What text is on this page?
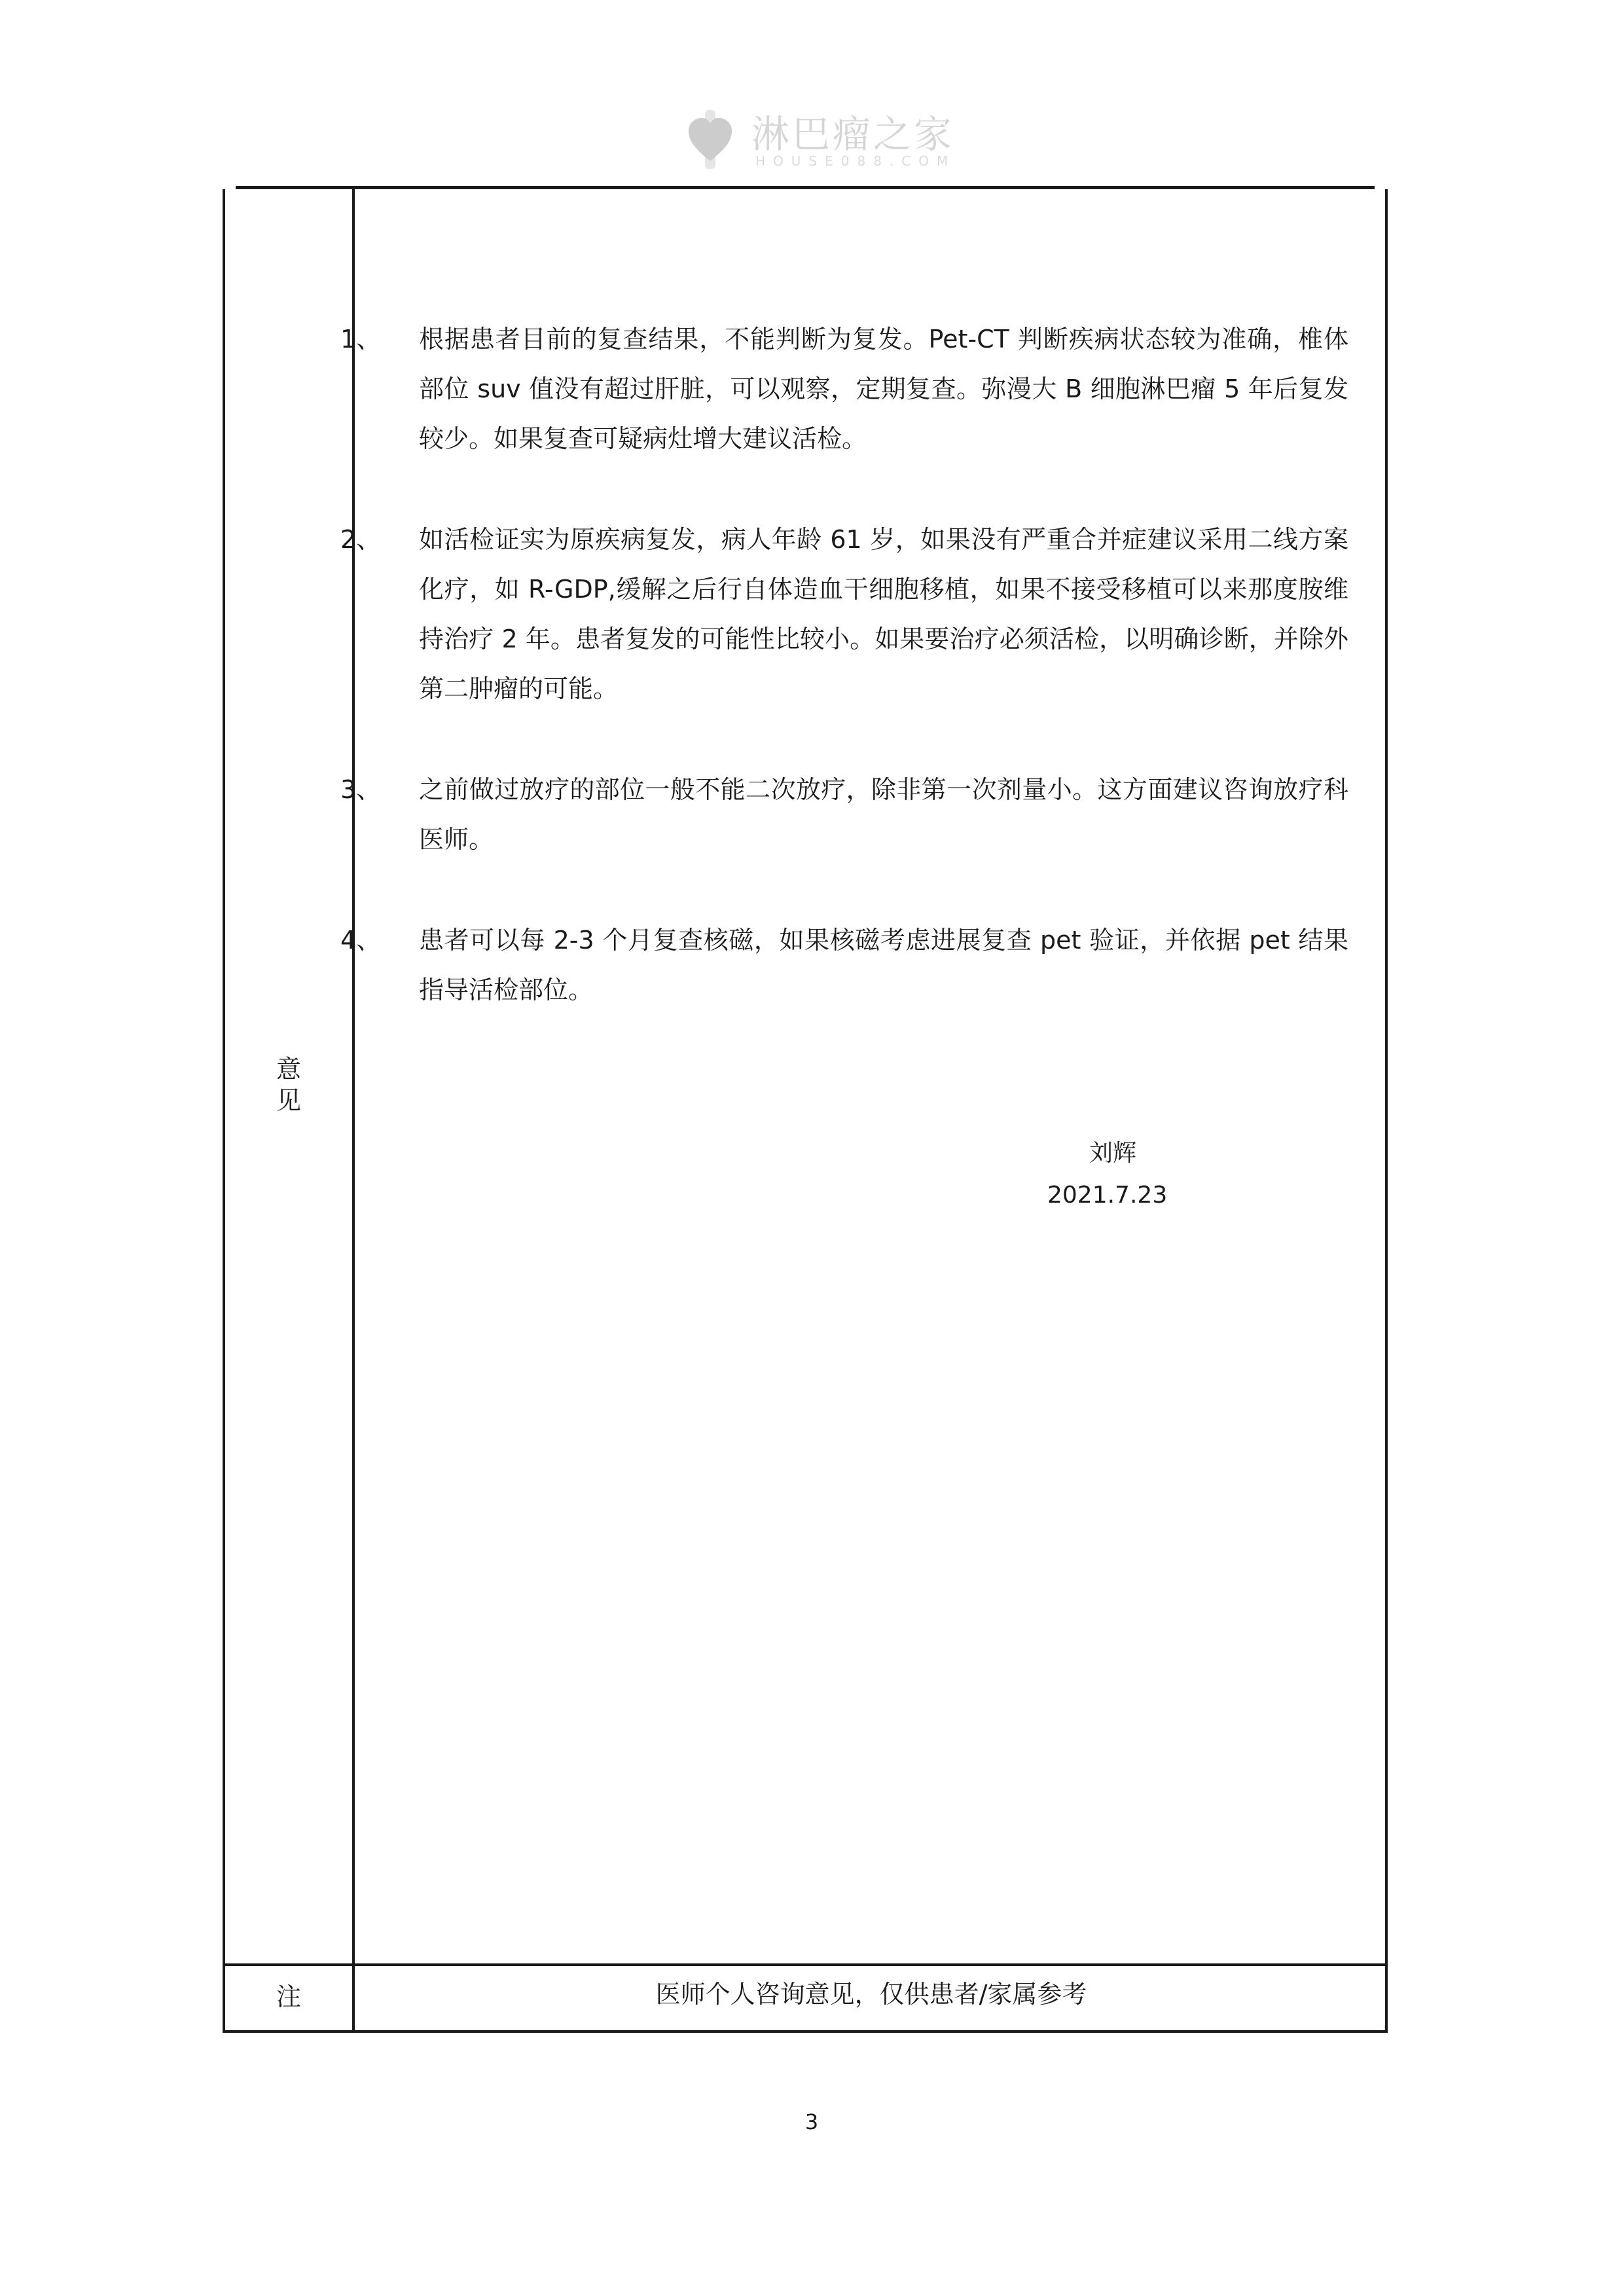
淋巴瘤之家
HOUSE088.COM
意见
注	医师个人咨询意见，仅供患者/家属参考
1、 根据患者目前的复查结果，不能判断为复发。Pet-CT 判断疾病状态较为准确，椎体部位 suv 值没有超过肝脏，可以观察，定期复查。弥漫大 B 细胞淋巴瘤 5 年后复发较少。如果复查可疑病灶增大建议活检。
2、 如活检证实为原疾病复发，病人年龄 61 岁，如果没有严重合并症建议采用二线方案化疗，如 R-GDP,缓解之后行自体造血干细胞移植，如果不接受移植可以来那度胺维持治疗 2 年。患者复发的可能性比较小。如果要治疗必须活检，以明确诊断，并除外第二肿瘤的可能。
3、 之前做过放疗的部位一般不能二次放疗，除非第一次剂量小。这方面建议咨询放疗科医师。
4、 患者可以每 2-3 个月复查核磁，如果核磁考虑进展复查 pet 验证，并依据 pet 结果指导活检部位。
刘辉
2021.7.23
3
